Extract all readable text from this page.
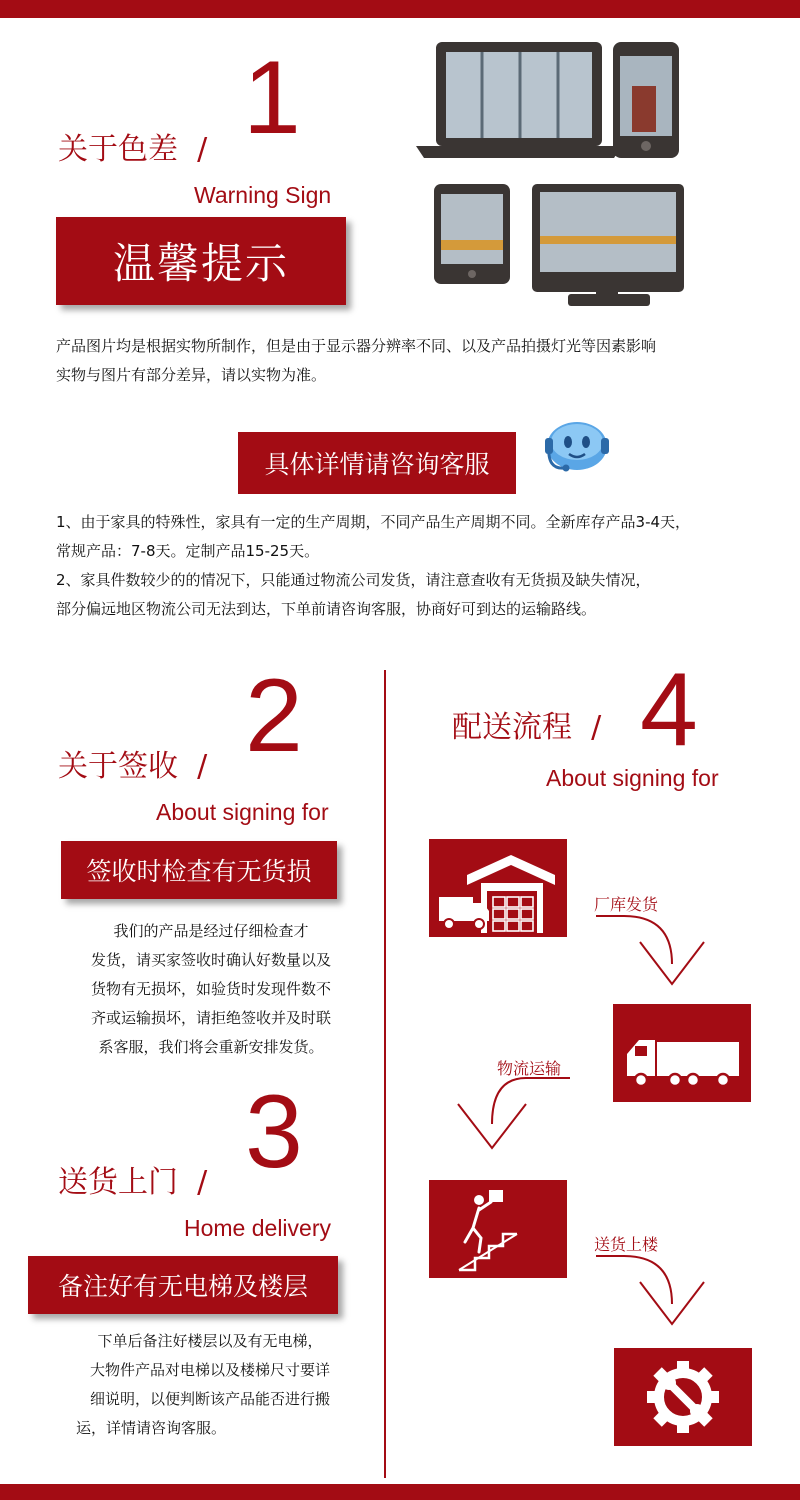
1
关于色差 /
Warning Sign
温馨提示

产品图片均是根据实物所制作，但是由于显示器分辨率不同、以及产品拍摄灯光等因素影响

实物与图片有部分差异，请以实物为准。

具体详情请咨询客服

1、由于家具的特殊性，家具有一定的生产周期，不同产品生产周期不同。全新库存产品3-4天，

常规产品：7-8天。定制产品15-25天。

2、家具件数较少的的情况下，只能通过物流公司发货，请注意查收有无货损及缺失情况，

部分偏远地区物流公司无法到达，下单前请咨询客服，协商好可到达的运输路线。

2
关于签收 /
About signing for
签收时检查有无货损

我们的产品是经过仔细检查才

发货，请买家签收时确认好数量以及

货物有无损坏，如验货时发现件数不

齐或运输损坏，请拒绝签收并及时联

系客服，我们将会重新安排发货。

3
送货上门 /
Home delivery
备注好有无电梯及楼层

下单后备注好楼层以及有无电梯，

大物件产品对电梯以及楼梯尺寸要详

细说明，以便判断该产品能否进行搬

运，详情请咨询客服。

配送流程 / 4
About signing for
厂库发货
物流运输
送货上楼
